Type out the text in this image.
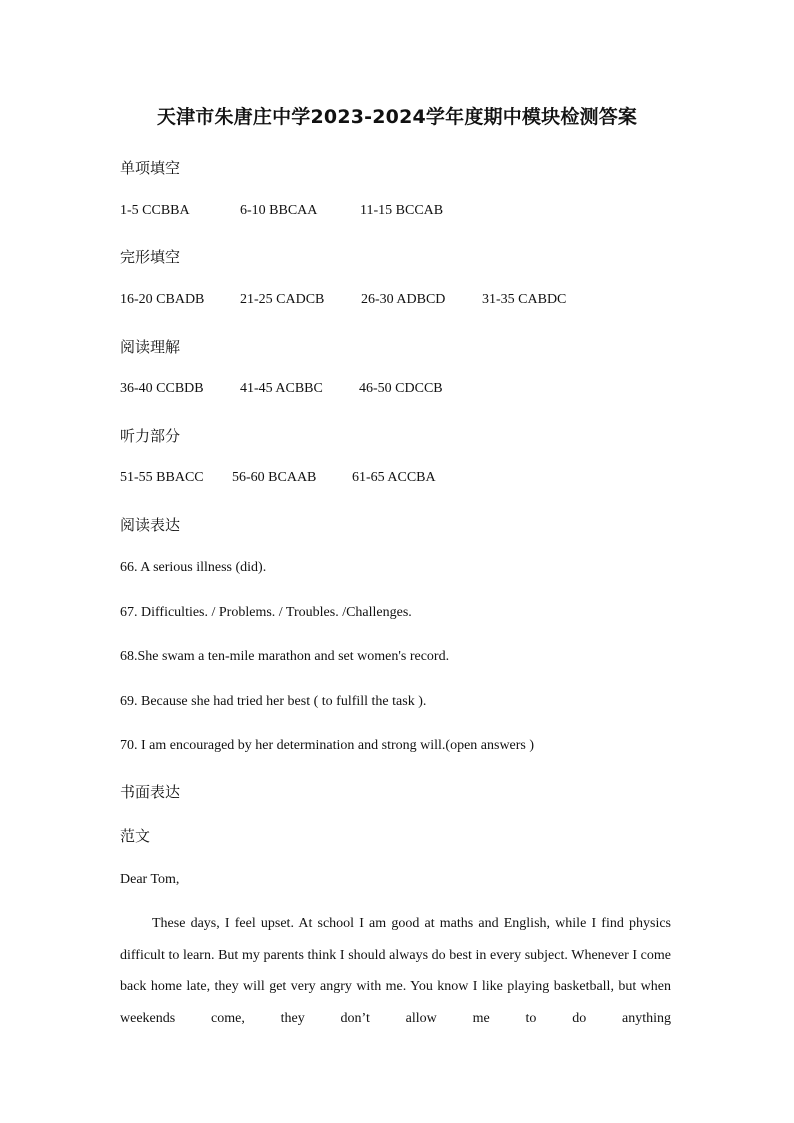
天津市朱唐庄中学2023-2024学年度期中模块检测答案
单项填空
1-5 CCBBA	6-10 BBCAA	11-15 BCCAB
完形填空
16-20 CBADB	21-25 CADCB	26-30 ADBCD	31-35 CABDC
阅读理解
36-40 CCBDB	41-45 ACBBC	46-50 CDCCB
听力部分
51-55 BBACC	56-60 BCAAB	61-65 ACCBA
阅读表达
66. A serious illness (did).
67. Difficulties. / Problems. / Troubles. /Challenges.
68.She swam a ten-mile marathon and set women's record.
69. Because she had tried her best ( to fulfill the task ).
70. I am encouraged by her determination and strong will.(open answers )
书面表达
范文
Dear Tom,
These days, I feel upset. At school I am good at maths and English, while I find physics difficult to learn. But my parents think I should always do best in every subject. Whenever I come back home late, they will get very angry with me. You know I like playing basketball, but when weekends come, they don’t allow me to do anything
